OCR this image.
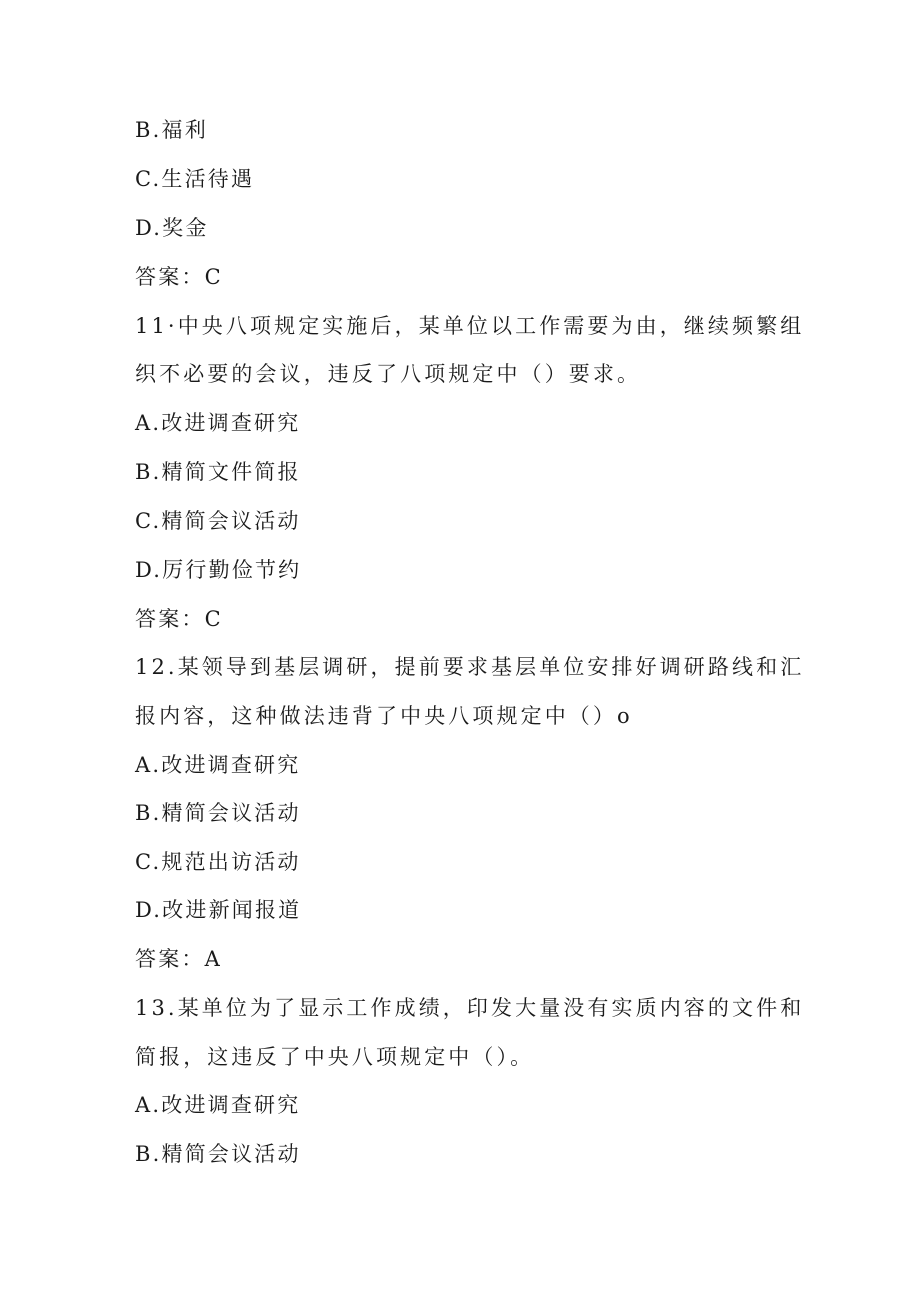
B.福利
C.生活待遇
D.奖金
答案：C
11·中央八项规定实施后，某单位以工作需要为由，继续频繁组
织不必要的会议，违反了八项规定中（）要求。
A.改进调查研究
B.精简文件简报
C.精简会议活动
D.厉行勤俭节约
答案：C
12.某领导到基层调研，提前要求基层单位安排好调研路线和汇
报内容，这种做法违背了中央八项规定中（）o
A.改进调查研究
B.精简会议活动
C.规范出访活动
D.改进新闻报道
答案：A
13.某单位为了显示工作成绩，印发大量没有实质内容的文件和
简报，这违反了中央八项规定中（）。
A.改进调查研究
B.精简会议活动
